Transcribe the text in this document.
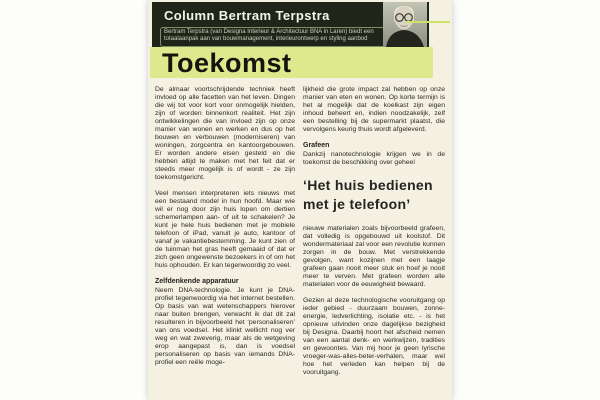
Column Bertram Terpstra
Bertram Terpstra (van Designa Interieur & Architectuur BNA in Laren) biedt een
totaalaanpak aan van bouwmanagement, interieurontwerp en styling aanbod
Toekomst

De almaar voortschrijdende techniek heeft invloed op alle facetten van het leven. Dingen die wij tot voor kort voor onmogelijk hielden, zijn of worden binnenkort realiteit. Het zijn ontwikkelingen die van invloed zijn op onze manier van wonen en werken en dus op het bouwen en verbouwen (moderniseren) van woningen, zorgcentra en kantoorgebouwen. Er worden andere eisen gesteld en die hebben altijd te maken met het feit dat er steeds meer mogelijk is of wordt - ze zijn toekomstgericht.

Veel mensen interpreteren iets nieuws met een bestaand model in hun hoofd. Maar wie wil er nog door zijn huis lopen om dertien schemerlampen aan- of uit te schakelen? Je kunt je hele huis bedienen met je mobiele telefoon of iPad, vanuit je auto, kantoor of vanaf je vakantiebestemming. Je kunt zien of de tuinman het gras heeft gemaaid of dat er zich geen ongewenste bezoekers in of om het huis ophouden. Er kan tegenwoordig zo veel.

Zelfdenkende apparatuur

Neem DNA-technologie. Je kunt je DNA-profiel tegenwoordig via het internet bestellen. Op basis van wat wetenschappers hierover naar buiten brengen, verwacht ik dat dit zal resulteren in bijvoorbeeld het ‘personaliseren’ van ons voedsel. Het klinkt wellicht nog ver weg en wat zweverig, maar als de wetgeving erop aangepast is, dan is voedsel personaliseren op basis van iemands DNA-profiel een reële moge-

lijkheid die grote impact zal hebben op onze manier van eten en wonen. Op korte termijn is het al mogelijk dat de koelkast zijn eigen inhoud beheert en, indien noodzakelijk, zelf een bestelling bij de supermarkt plaatst, die vervolgens keurig thuis wordt afgeleverd.

Grafeen

Dankzij nanotechnologie krijgen we in de toekomst de beschikking over geheel

‘Het huis bedienen met je telefoon’

nieuwe materialen zoals bijvoorbeeld grafeen, dat volledig is opgebouwd uit koolstof. Dit wondermateriaal zal voor een revolutie kunnen zorgen in de bouw. Met verstrekkende gevolgen, want kozijnen met een laagje grafeen gaan nooit meer stuk en hoef je nooit meer te verven. Met grafeen worden alle materialen voor de eeuwigheid bewaard.

Gezien al deze technologische vooruitgang op ieder gebied - duurzaam bouwen, zonne-energie, ledverlichting, isolatie etc. - is het opnieuw uitvinden onze dagelijkse bezigheid bij Designa. Daarbij hoort het afscheid nemen van een aantal denk- en werkwijzen, tradities en gewoontes. Van mij hoor je geen lyrische vroeger-was-alles-beter-verhalen, maar wel hoe het verleden kan helpen bij de vooruitgang.
